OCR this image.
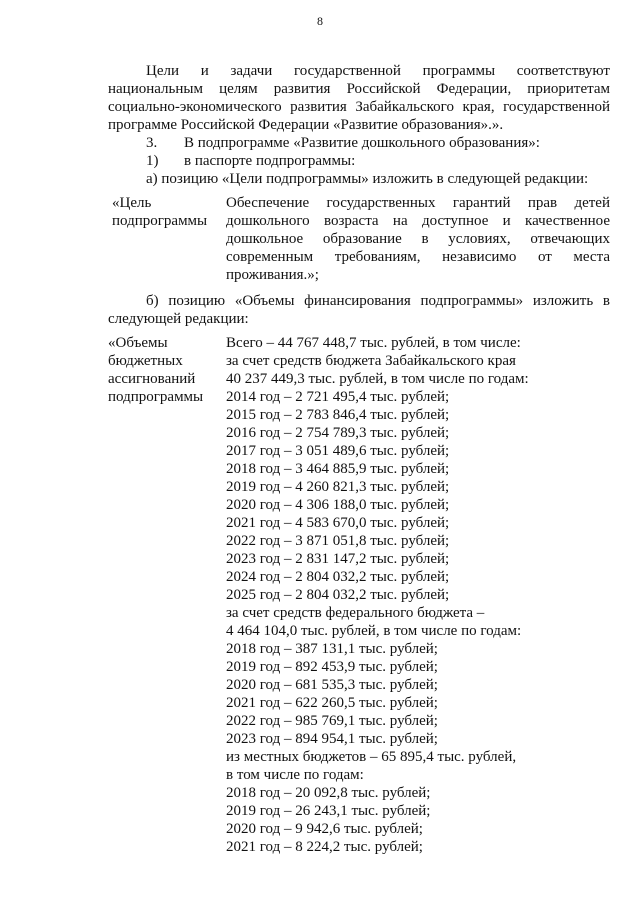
8
Цели и задачи государственной программы соответствуют национальным целям развития Российской Федерации, приоритетам социально-экономического развития Забайкальского края, государственной программе Российской Федерации «Развитие образования».».
3.	В подпрограмме «Развитие дошкольного образования»:
1)	в паспорте подпрограммы:
а) позицию «Цели подпрограммы» изложить в следующей редакции:
«Цель подпрограммы
Обеспечение государственных гарантий прав детей дошкольного возраста на доступное и качественное дошкольное образование в условиях, отвечающих современным требованиям, независимо от места проживания.»;
б) позицию «Объемы финансирования подпрограммы» изложить в следующей редакции:
«Объемы
бюджетных
ассигнований
подпрограммы
Всего – 44 767 448,7 тыс. рублей, в том числе:
за счет средств бюджета Забайкальского края
40 237 449,3 тыс. рублей, в том числе по годам:
2014 год – 2 721 495,4 тыс. рублей;
2015 год – 2 783 846,4 тыс. рублей;
2016 год – 2 754 789,3 тыс. рублей;
2017 год – 3 051 489,6 тыс. рублей;
2018 год – 3 464 885,9 тыс. рублей;
2019 год – 4 260 821,3 тыс. рублей;
2020 год – 4 306 188,0 тыс. рублей;
2021 год – 4 583 670,0 тыс. рублей;
2022 год – 3 871 051,8 тыс. рублей;
2023 год – 2 831 147,2 тыс. рублей;
2024 год – 2 804 032,2 тыс. рублей;
2025 год – 2 804 032,2 тыс. рублей;
за счет средств федерального бюджета –
4 464 104,0 тыс. рублей, в том числе по годам:
2018 год – 387 131,1 тыс. рублей;
2019 год – 892 453,9 тыс. рублей;
2020 год – 681 535,3 тыс. рублей;
2021 год – 622 260,5 тыс. рублей;
2022 год – 985 769,1 тыс. рублей;
2023 год – 894 954,1 тыс. рублей;
из местных бюджетов – 65 895,4 тыс. рублей,
в том числе по годам:
2018 год – 20 092,8 тыс. рублей;
2019 год – 26 243,1 тыс. рублей;
2020 год – 9 942,6 тыс. рублей;
2021 год – 8 224,2 тыс. рублей;
